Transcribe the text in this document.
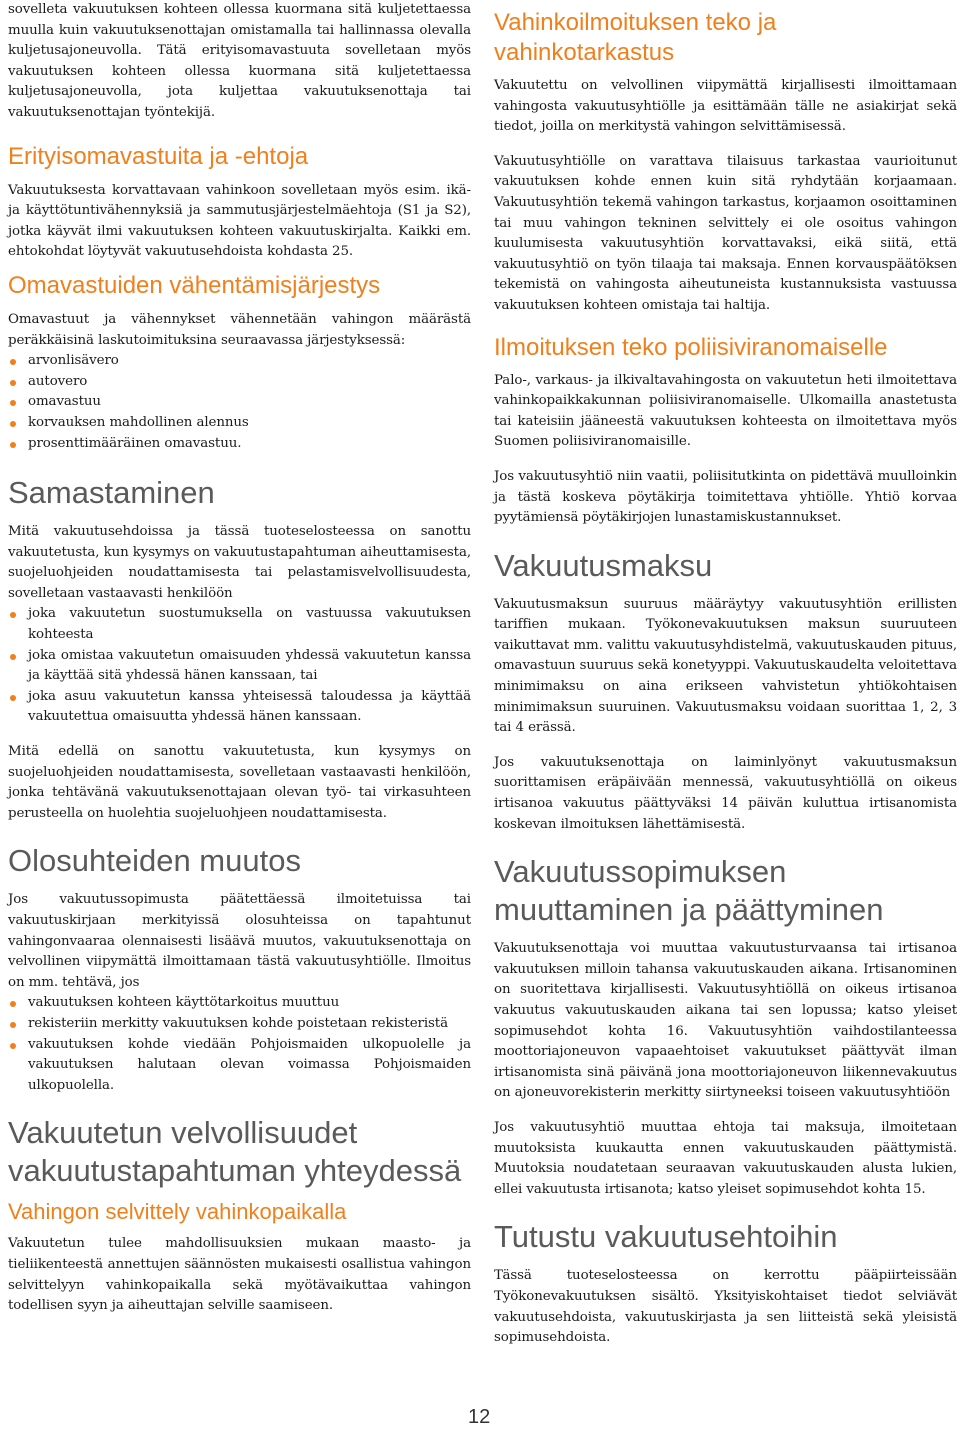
sovelleta vakuutuksen kohteen ollessa kuormana sitä kuljetettaessa muulla kuin vakuutuksenottajan omistamalla tai hallinnassa olevalla kuljetusajoneuvolla. Tätä erityisomavastuuta sovelletaan myös vakuutuksen kohteen ollessa kuormana sitä kuljetettaessa kuljetusajoneuvolla, jota kuljettaa vakuutuksenottaja tai vakuutuksenottajan työntekijä.

Erityisomavastuita ja -ehtoja

Vakuutuksesta korvattavaan vahinkoon sovelletaan myös esim. ikä- ja käyttötuntivähennyksiä ja sammutusjärjestelmäehtoja (S1 ja S2), jotka käyvät ilmi vakuutuksen kohteen vakuutuskirjalta. Kaikki em. ehtokohdat löytyvät vakuutusehdoista kohdasta 25.

Omavastuiden vähentämisjärjestys

Omavastuut ja vähennykset vähennetään vahingon määrästä peräkkäisinä laskutoimituksina seuraavassa järjestyksessä:

arvonlisävero
autovero
omavastuu
korvauksen mahdollinen alennus
prosenttimääräinen omavastuu.
Samastaminen

Mitä vakuutusehdoissa ja tässä tuoteselosteessa on sanottu vakuutetusta, kun kysymys on vakuutustapahtuman aiheuttamisesta, suojeluohjeiden noudattamisesta tai pelastamisvelvollisuudesta, sovelletaan vastaavasti henkilöön

joka vakuutetun suostumuksella on vastuussa vakuutuksen kohteesta
joka omistaa vakuutetun omaisuuden yhdessä vakuutetun kanssa ja käyttää sitä yhdessä hänen kanssaan, tai
joka asuu vakuutetun kanssa yhteisessä taloudessa ja käyttää vakuutettua omaisuutta yhdessä hänen kanssaan.

Mitä edellä on sanottu vakuutetusta, kun kysymys on suojeluohjeiden noudattamisesta, sovelletaan vastaavasti henkilöön, jonka tehtävänä vakuutuksenottajaan olevan työ- tai virkasuhteen perusteella on huolehtia suojeluohjeen noudattamisesta.

Olosuhteiden muutos

Jos vakuutussopimusta päätettäessä ilmoitetuissa tai vakuutuskirjaan merkityissä olosuhteissa on tapahtunut vahingonvaaraa olennaisesti lisäävä muutos, vakuutuksenottaja on velvollinen viipymättä ilmoittamaan tästä vakuutusyhtiölle. Ilmoitus on mm. tehtävä, jos

vakuutuksen kohteen käyttötarkoitus muuttuu
rekisteriin merkitty vakuutuksen kohde poistetaan rekisteristä
vakuutuksen kohde viedään Pohjoismaiden ulkopuolelle ja vakuutuksen halutaan olevan voimassa Pohjoismaiden ulkopuolella.
Vakuutetun velvollisuudet vakuutustapahtuman yhteydessä
Vahingon selvittely vahinkopaikalla

Vakuutetun tulee mahdollisuuksien mukaan maasto- ja tieliikenteestä annettujen säännösten mukaisesti osallistua vahingon selvittelyyn vahinkopaikalla sekä myötävaikuttaa vahingon todellisen syyn ja aiheuttajan selville saamiseen.

Vahinkoilmoituksen teko ja vahinkotarkastus

Vakuutettu on velvollinen viipymättä kirjallisesti ilmoittamaan vahingosta vakuutusyhtiölle ja esittämään tälle ne asiakirjat sekä tiedot, joilla on merkitystä vahingon selvittämisessä.

Vakuutusyhtiölle on varattava tilaisuus tarkastaa vaurioitunut vakuutuksen kohde ennen kuin sitä ryhdytään korjaamaan. Vakuutusyhtiön tekemä vahingon tarkastus, korjaamon osoittaminen tai muu vahingon tekninen selvittely ei ole osoitus vahingon kuulumisesta vakuutusyhtiön korvattavaksi, eikä siitä, että vakuutusyhtiö on työn tilaaja tai maksaja. Ennen korvauspäätöksen tekemistä on vahingosta aiheutuneista kustannuksista vastuussa vakuutuksen kohteen omistaja tai haltija.

Ilmoituksen teko poliisiviranomaiselle

Palo-, varkaus- ja ilkivaltavahingosta on vakuutetun heti ilmoitettava vahinkopaikkakunnan poliisiviranomaiselle. Ulkomailla anastetusta tai kateisiin jääneestä vakuutuksen kohteesta on ilmoitettava myös Suomen poliisiviranomaisille.

Jos vakuutusyhtiö niin vaatii, poliisitutkinta on pidettävä muulloinkin ja tästä koskeva pöytäkirja toimitettava yhtiölle. Yhtiö korvaa pyytämiensä pöytäkirjojen lunastamiskustannukset.

Vakuutusmaksu

Vakuutusmaksun suuruus määräytyy vakuutusyhtiön erillisten tariffien mukaan. Työkonevakuutuksen maksun suuruuteen vaikuttavat mm. valittu vakuutusyhdistelmä, vakuutuskauden pituus, omavastuun suuruus sekä konetyyppi. Vakuutuskaudelta veloitettava minimimaksu on aina erikseen vahvistetun yhtiökohtaisen minimimaksun suuruinen. Vakuutusmaksu voidaan suorittaa 1, 2, 3 tai 4 erässä.

Jos vakuutuksenottaja on laiminlyönyt vakuutusmaksun suorittamisen eräpäivään mennessä, vakuutusyhtiöllä on oikeus irtisanoa vakuutus päättyväksi 14 päivän kuluttua irtisanomista koskevan ilmoituksen lähettämisestä.

Vakuutussopimuksen muuttaminen ja päättyminen

Vakuutuksenottaja voi muuttaa vakuutusturvaansa tai irtisanoa vakuutuksen milloin tahansa vakuutuskauden aikana. Irtisanominen on suoritettava kirjallisesti. Vakuutusyhtiöllä on oikeus irtisanoa vakuutus vakuutuskauden aikana tai sen lopussa; katso yleiset sopimusehdot kohta 16. Vakuutusyhtiön vaihdostilanteessa moottoriajoneuvon vapaaehtoiset vakuutukset päättyvät ilman irtisanomista sinä päivänä jona moottoriajoneuvon liikennevakuutus on ajoneuvorekisterin merkitty siirtyneeksi toiseen vakuutusyhtiöön

Jos vakuutusyhtiö muuttaa ehtoja tai maksuja, ilmoitetaan muutoksista kuukautta ennen vakuutuskauden päättymistä. Muutoksia noudatetaan seuraavan vakuutuskauden alusta lukien, ellei vakuutusta irtisanota; katso yleiset sopimusehdot kohta 15.

Tutustu vakuutusehtoihin

Tässä tuoteselosteessa on kerrottu pääpiirteissään Työkonevakuutuksen sisältö. Yksityiskohtaiset tiedot selviävät vakuutusehdoista, vakuutuskirjasta ja sen liitteistä sekä yleisistä sopimusehdoista.

12
